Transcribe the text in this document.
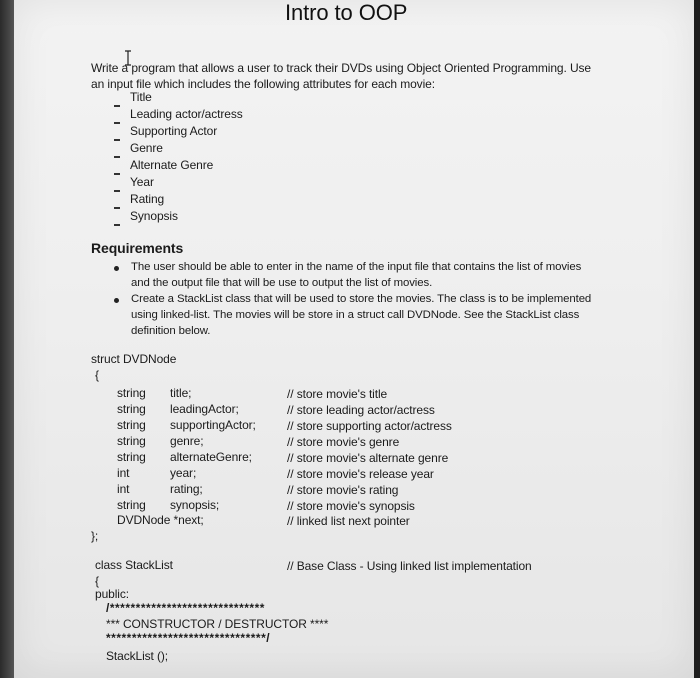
Intro to OOP
Write a program that allows a user to track their DVDs using Object Oriented Programming. Use
an input file which includes the following attributes for each movie:
Title
Leading actor/actress
Supporting Actor
Genre
Alternate Genre
Year
Rating
Synopsis
Requirements
The user should be able to enter in the name of the input file that contains the list of movies
and the output file that will be use to output the list of movies.
Create a StackList class that will be used to store the movies. The class is to be implemented
using linked-list. The movies will be store in a struct call DVDNode. See the StackList class
definition below.
struct DVDNode
{
string title;	// store movie's title
string leadingActor;	// store leading actor/actress
string supportingActor;	// store supporting actor/actress
string genre;	// store movie's genre
string alternateGenre;	// store movie's alternate genre
int	year;	// store movie's release year
int	rating;	// store movie's rating
string synopsis;	// store movie's synopsis
DVDNode *next;	// linked list next pointer
};
class StackList	// Base Class - Using linked list implementation
{
public:
/******************************
*** CONSTRUCTOR / DESTRUCTOR ****
*******************************/
StackList ();
